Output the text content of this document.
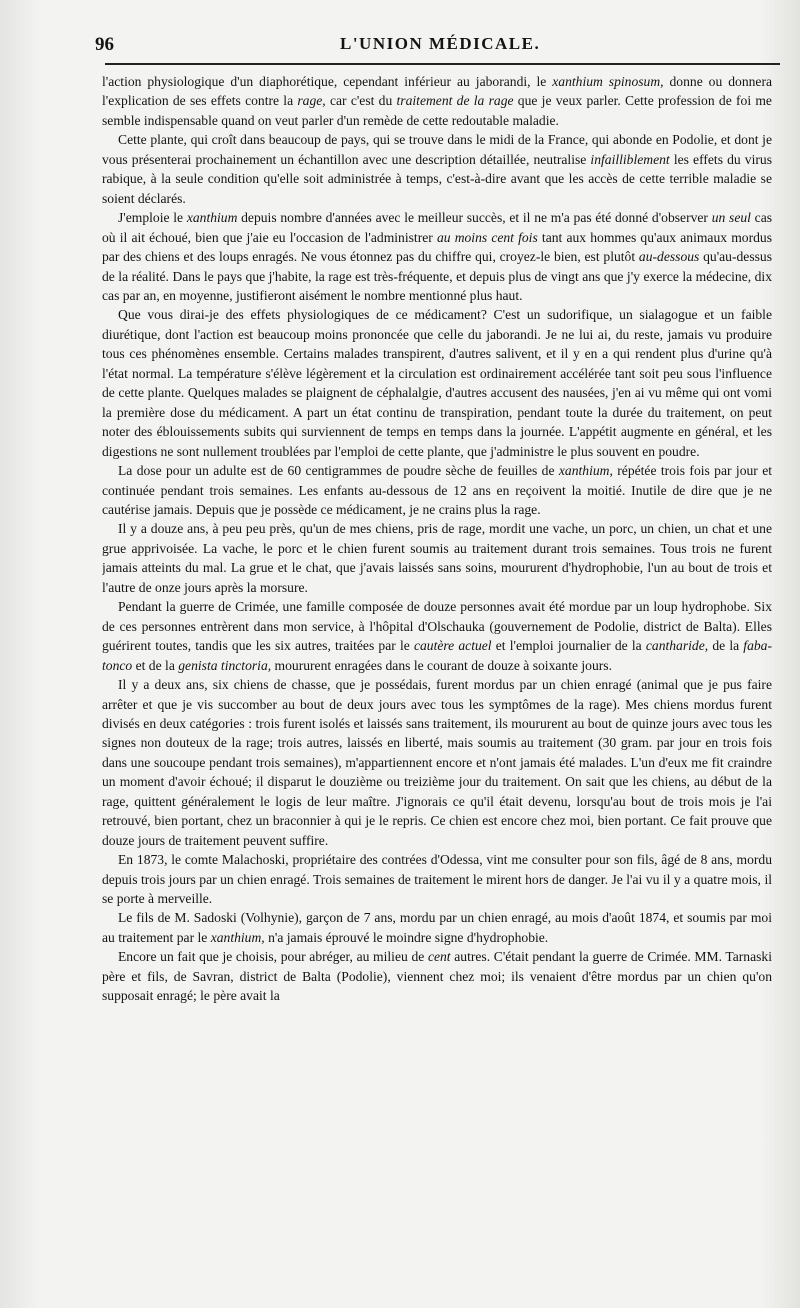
96	L'UNION MÉDICALE.

l'action physiologique d'un diaphorétique, cependant inférieur au jaborandi, le xanthium spinosum, donne ou donnera l'explication de ses effets contre la rage, car c'est du traitement de la rage que je veux parler. Cette profession de foi me semble indispensable quand on veut parler d'un remède de cette redoutable maladie.

Cette plante, qui croît dans beaucoup de pays, qui se trouve dans le midi de la France, qui abonde en Podolie, et dont je vous présenterai prochainement un échantillon avec une description détaillée, neutralise infailliblement les effets du virus rabique, à la seule condition qu'elle soit administrée à temps, c'est-à-dire avant que les accès de cette terrible maladie se soient déclarés.

J'emploie le xanthium depuis nombre d'années avec le meilleur succès, et il ne m'a pas été donné d'observer un seul cas où il ait échoué, bien que j'aie eu l'occasion de l'administrer au moins cent fois tant aux hommes qu'aux animaux mordus par des chiens et des loups enragés. Ne vous étonnez pas du chiffre qui, croyez-le bien, est plutôt au-dessous qu'au-dessus de la réalité. Dans le pays que j'habite, la rage est très-fréquente, et depuis plus de vingt ans que j'y exerce la médecine, dix cas par an, en moyenne, justifieront aisément le nombre mentionné plus haut.

Que vous dirai-je des effets physiologiques de ce médicament? C'est un sudorifique, un sialagogue et un faible diurétique, dont l'action est beaucoup moins prononcée que celle du jaborandi. Je ne lui ai, du reste, jamais vu produire tous ces phénomènes ensemble. Certains malades transpirent, d'autres salivent, et il y en a qui rendent plus d'urine qu'à l'état normal. La température s'élève légèrement et la circulation est ordinairement accélérée tant soit peu sous l'influence de cette plante. Quelques malades se plaignent de céphalalgie, d'autres accusent des nausées, j'en ai vu même qui ont vomi la première dose du médicament. A part un état continu de transpiration, pendant toute la durée du traitement, on peut noter des éblouissements subits qui surviennent de temps en temps dans la journée. L'appétit augmente en général, et les digestions ne sont nullement troublées par l'emploi de cette plante, que j'administre le plus souvent en poudre.

La dose pour un adulte est de 60 centigrammes de poudre sèche de feuilles de xanthium, répétée trois fois par jour et continuée pendant trois semaines. Les enfants au-dessous de 12 ans en reçoivent la moitié. Inutile de dire que je ne cautérise jamais. Depuis que je possède ce médicament, je ne crains plus la rage.

Il y a douze ans, à peu peu près, qu'un de mes chiens, pris de rage, mordit une vache, un porc, un chien, un chat et une grue apprivoisée. La vache, le porc et le chien furent soumis au traitement durant trois semaines. Tous trois ne furent jamais atteints du mal. La grue et le chat, que j'avais laissés sans soins, moururent d'hydrophobie, l'un au bout de trois et l'autre de onze jours après la morsure.

Pendant la guerre de Crimée, une famille composée de douze personnes avait été mordue par un loup hydrophobe. Six de ces personnes entrèrent dans mon service, à l'hôpital d'Olschauka (gouvernement de Podolie, district de Balta). Elles guérirent toutes, tandis que les six autres, traitées par le cautère actuel et l'emploi journalier de la cantharide, de la faba-tonco et de la genista tinctoria, moururent enragées dans le courant de douze à soixante jours.

Il y a deux ans, six chiens de chasse, que je possédais, furent mordus par un chien enragé (animal que je pus faire arrêter et que je vis succomber au bout de deux jours avec tous les symptômes de la rage). Mes chiens mordus furent divisés en deux catégories : trois furent isolés et laissés sans traitement, ils moururent au bout de quinze jours avec tous les signes non douteux de la rage; trois autres, laissés en liberté, mais soumis au traitement (30 gram. par jour en trois fois dans une soucoupe pendant trois semaines), m'appartiennent encore et n'ont jamais été malades. L'un d'eux me fit craindre un moment d'avoir échoué; il disparut le douzième ou treizième jour du traitement. On sait que les chiens, au début de la rage, quittent généralement le logis de leur maître. J'ignorais ce qu'il était devenu, lorsqu'au bout de trois mois je l'ai retrouvé, bien portant, chez un braconnier à qui je le repris. Ce chien est encore chez moi, bien portant. Ce fait prouve que douze jours de traitement peuvent suffire.

En 1873, le comte Malachoski, propriétaire des contrées d'Odessa, vint me consulter pour son fils, âgé de 8 ans, mordu depuis trois jours par un chien enragé. Trois semaines de traitement le mirent hors de danger. Je l'ai vu il y a quatre mois, il se porte à merveille.

Le fils de M. Sadoski (Volhynie), garçon de 7 ans, mordu par un chien enragé, au mois d'août 1874, et soumis par moi au traitement par le xanthium, n'a jamais éprouvé le moindre signe d'hydrophobie.

Encore un fait que je choisis, pour abréger, au milieu de cent autres. C'était pendant la guerre de Crimée. MM. Tarnaski père et fils, de Savran, district de Balta (Podolie), viennent chez moi; ils venaient d'être mordus par un chien qu'on supposait enragé; le père avait la
